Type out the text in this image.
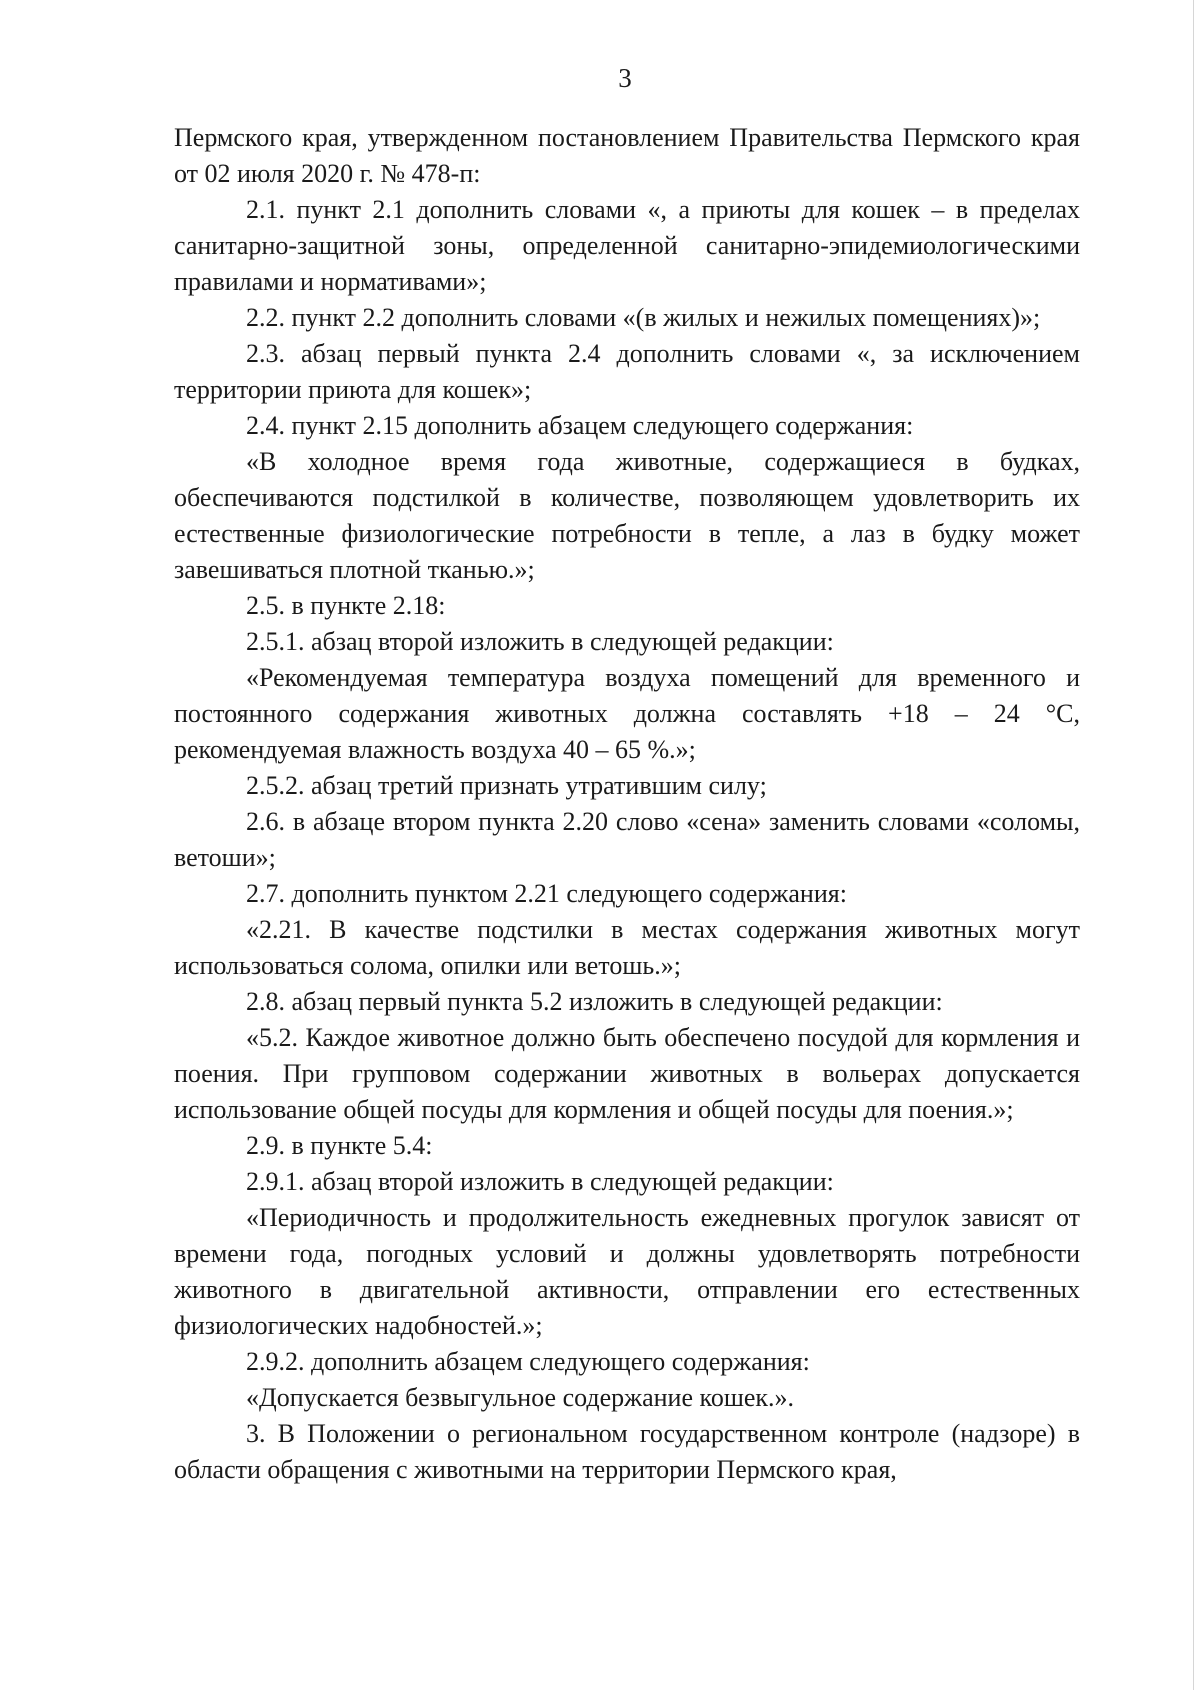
3

Пермского края, утвержденном постановлением Правительства Пермского края от 02 июля 2020 г. № 478-п:

2.1. пункт 2.1 дополнить словами «, а приюты для кошек – в пределах санитарно-защитной зоны, определенной санитарно-эпидемиологическими правилами и нормативами»;

2.2. пункт 2.2 дополнить словами «(в жилых и нежилых помещениях)»;

2.3. абзац первый пункта 2.4 дополнить словами «, за исключением территории приюта для кошек»;

2.4. пункт 2.15 дополнить абзацем следующего содержания:

«В холодное время года животные, содержащиеся в будках, обеспечиваются подстилкой в количестве, позволяющем удовлетворить их естественные физиологические потребности в тепле, а лаз в будку может завешиваться плотной тканью.»;

2.5. в пункте 2.18:

2.5.1. абзац второй изложить в следующей редакции:

«Рекомендуемая температура воздуха помещений для временного и постоянного содержания животных должна составлять +18 – 24 °C, рекомендуемая влажность воздуха 40 – 65 %.»;

2.5.2. абзац третий признать утратившим силу;

2.6. в абзаце втором пункта 2.20 слово «сена» заменить словами «соломы, ветоши»;

2.7. дополнить пунктом 2.21 следующего содержания:

«2.21. В качестве подстилки в местах содержания животных могут использоваться солома, опилки или ветошь.»;

2.8. абзац первый пункта 5.2 изложить в следующей редакции:

«5.2. Каждое животное должно быть обеспечено посудой для кормления и поения. При групповом содержании животных в вольерах допускается использование общей посуды для кормления и общей посуды для поения.»;

2.9. в пункте 5.4:

2.9.1. абзац второй изложить в следующей редакции:

«Периодичность и продолжительность ежедневных прогулок зависят от времени года, погодных условий и должны удовлетворять потребности животного в двигательной активности, отправлении его естественных физиологических надобностей.»;

2.9.2. дополнить абзацем следующего содержания:

«Допускается безвыгульное содержание кошек.».

3. В Положении о региональном государственном контроле (надзоре) в области обращения с животными на территории Пермского края,
